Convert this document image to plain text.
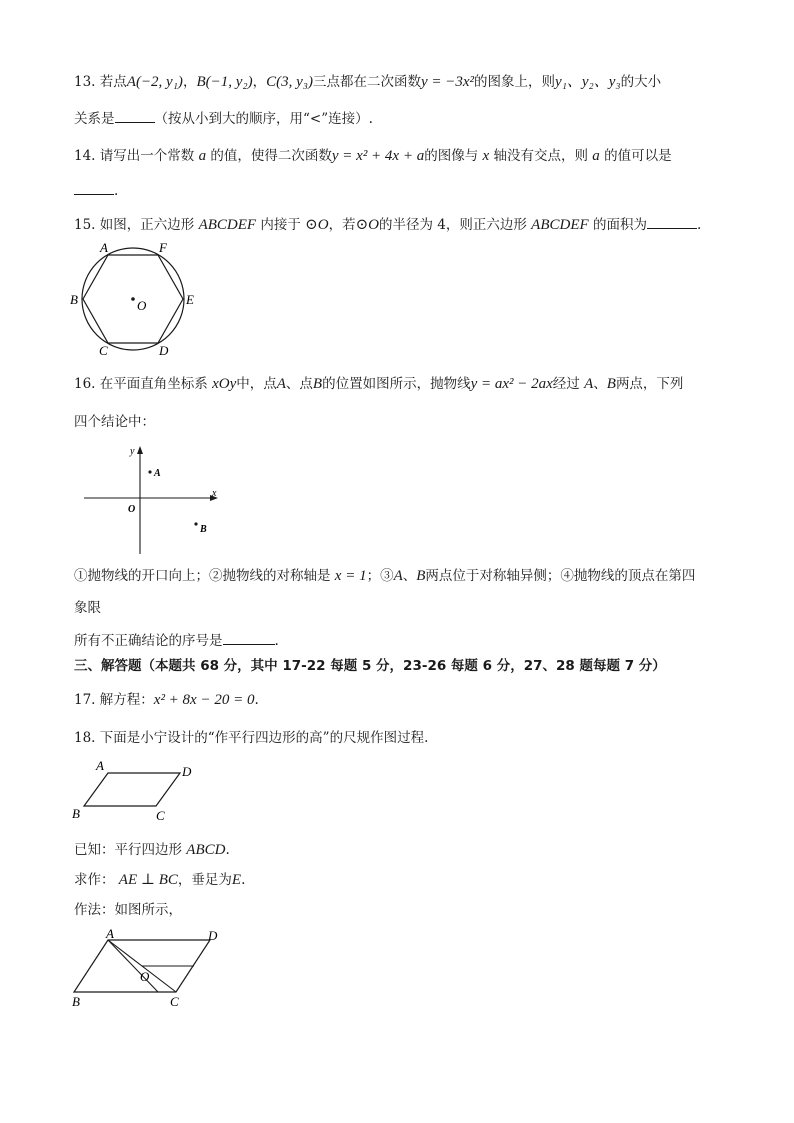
13. 若点A(−2, y₁)，B(−1, y₂)，C(3, y₃)三点都在二次函数y = −3x²的图象上，则y₁、y₂、y₃的大小
关系是	（按从小到大的顺序，用“<”连接）.
14. 请写出一个常数 a 的值，使得二次函数y = x² + 4x + a的图像与 x 轴没有交点，则 a 的值可以是
.
15. 如图，正六边形 ABCDEF 内接于 ⊙O，若⊙O的半径为 4，则正六边形 ABCDEF 的面积为	.
A	F
B	E
C	D
O
16. 在平面直角坐标系 xOy中，点A、点B的位置如图所示，抛物线y = ax² − 2ax经过 A、B两点，下列
四个结论中：
y
x
O
A
B
①抛物线的开口向上；②抛物线的对称轴是 x = 1；③A、B两点位于对称轴异侧；④抛物线的顶点在第四
象限
所有不正确结论的序号是	.
三、解答题（本题共 68 分，其中 17-22 每题 5 分，23-26 每题 6 分，27、28 题每题 7 分）
17. 解方程：x² + 8x − 20 = 0.
18. 下面是小宁设计的“作平行四边形的高”的尺规作图过程.
A	D
B	C
已知：平行四边形 ABCD.
求作： AE ⊥ BC，垂足为E.
作法：如图所示，
A	D
O
B	C
